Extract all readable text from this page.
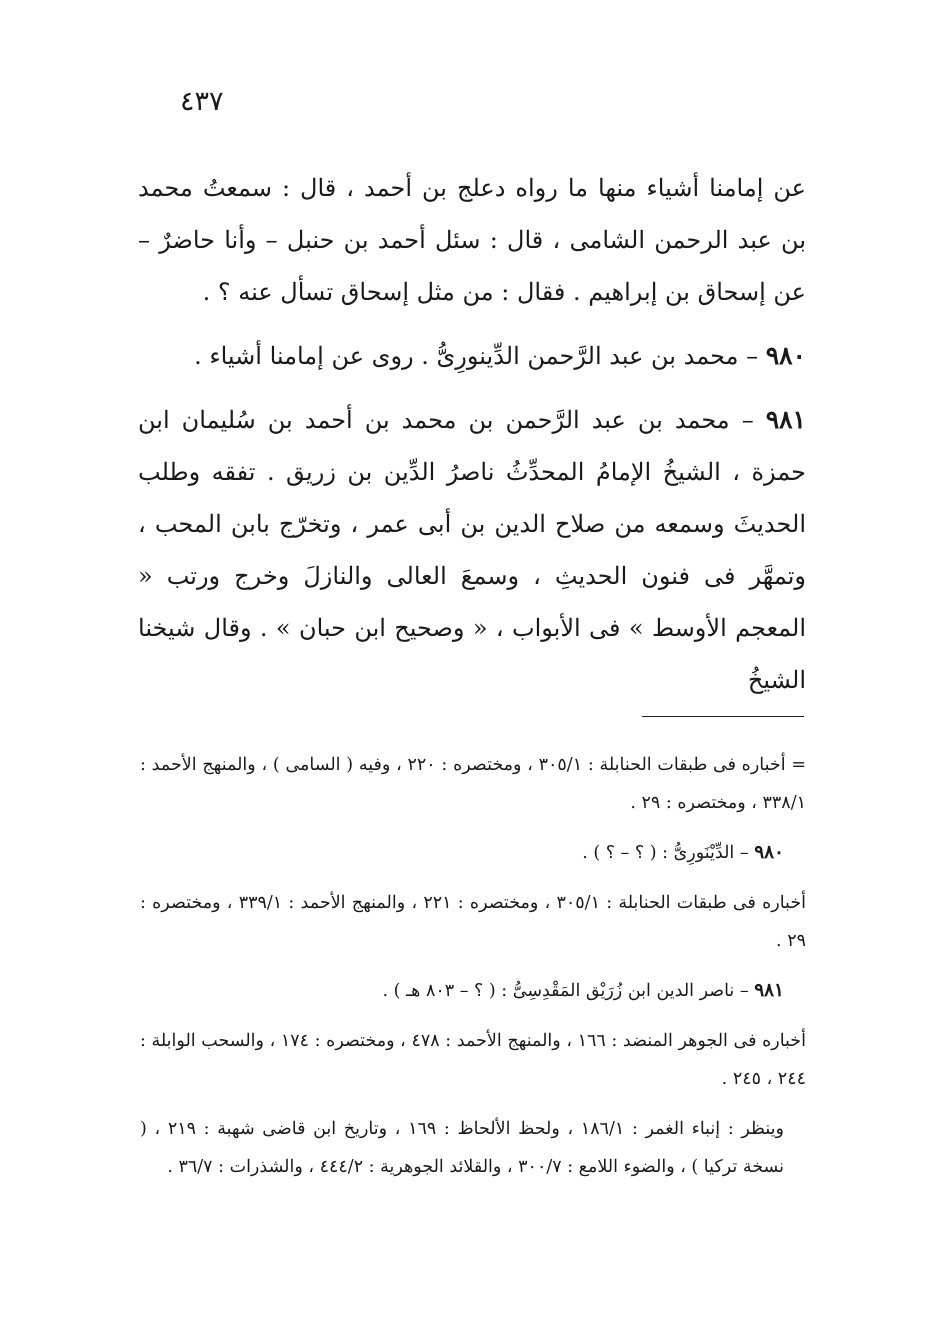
٤٣٧

عن إمامنا أشياء منها ما رواه دعلج بن أحمد ، قال : سمعتُ محمد بن عبد الرحمن الشامى ، قال : سئل أحمد بن حنبل – وأنا حاضرٌ – عن إسحاق بن إبراهيم . فقال : من مثل إسحاق تسأل عنه ؟ .

٩٨٠ – محمد بن عبد الرَّحمن الدِّينورِىُّ . روى عن إمامنا أشياء .

٩٨١ – محمد بن عبد الرَّحمن بن محمد بن أحمد بن سُليمان ابن حمزة ، الشيخُ الإمامُ المحدِّثُ ناصرُ الدِّين بن زريق . تفقه وطلب الحديثَ وسمعه من صلاح الدين بن أبى عمر ، وتخرّج بابن المحب ، وتمهَّر فى فنون الحديثِ ، وسمعَ العالى والنازلَ وخرج ورتب « المعجم الأوسط » فى الأبواب ، « وصحيح ابن حبان » . وقال شيخنا الشيخُ

= أخباره فى طبقات الحنابلة : ٣٠٥/١ ، ومختصره : ٢٢٠ ، وفيه ( السامى ) ، والمنهج الأحمد : ٣٣٨/١ ، ومختصره : ٢٩ .

٩٨٠ – الدِّيْنَورِىُّ : ( ؟ – ؟ ) .

أخباره فى طبقات الحنابلة : ٣٠٥/١ ، ومختصره : ٢٢١ ، والمنهج الأحمد : ٣٣٩/١ ، ومختصره : ٢٩ .

٩٨١ – ناصر الدين ابن زُرَيْق المَقْدِسِىُّ : ( ؟ – ٨٠٣ هـ ) .

أخباره فى الجوهر المنضد : ١٦٦ ، والمنهج الأحمد : ٤٧٨ ، ومختصره : ١٧٤ ، والسحب الوابلة : ٢٤٤ ، ٢٤٥ .

وينظر : إنباء الغمر : ١٨٦/١ ، ولحظ الألحاظ : ١٦٩ ، وتاريخ ابن قاضى شهبة : ٢١٩ ، ( نسخة تركيا ) ، والضوء اللامع : ٣٠٠/٧ ، والقلائد الجوهرية : ٤٤٤/٢ ، والشذرات : ٣٦/٧ .
